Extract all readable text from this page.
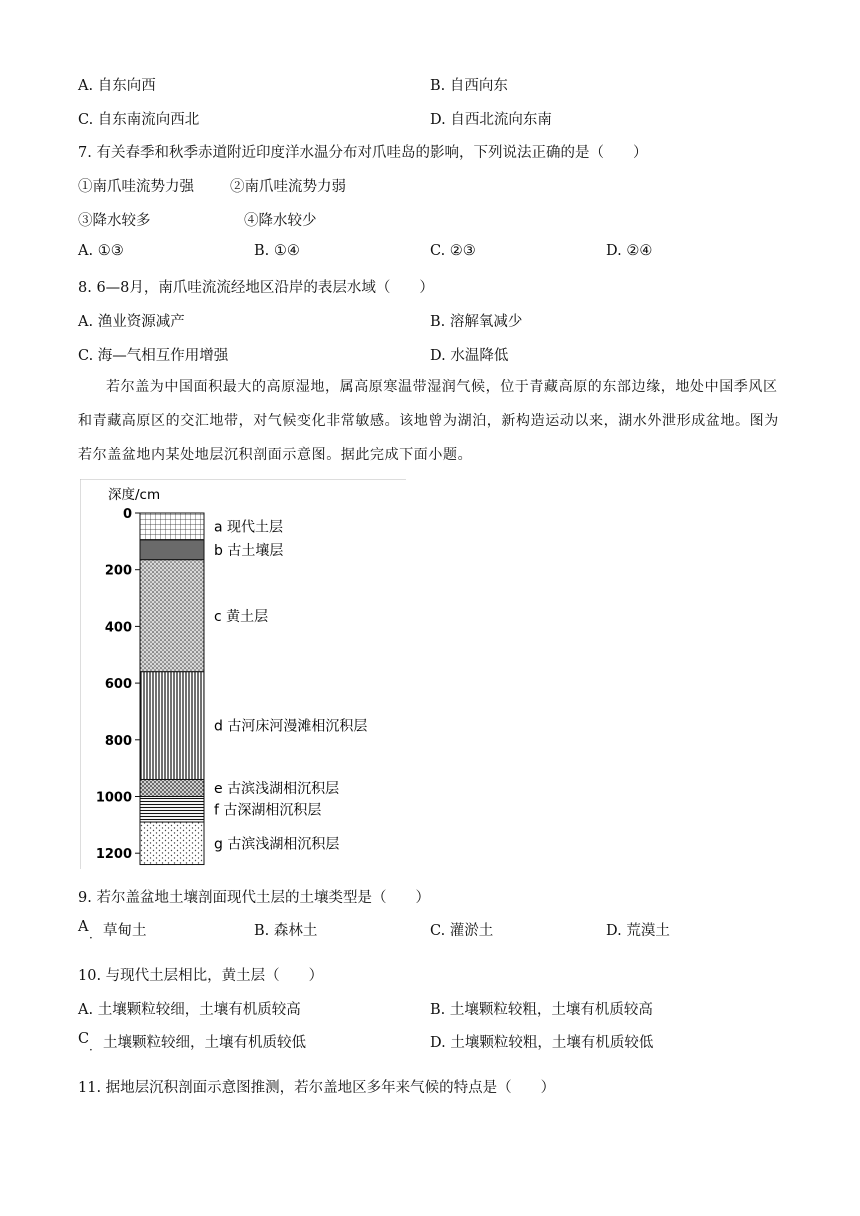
A. 自东向西	B. 自西向东
C. 自东南流向西北	D. 自西北流向东南
7. 有关春季和秋季赤道附近印度洋水温分布对爪哇岛的影响，下列说法正确的是（　　）
①南爪哇流势力强 ②南爪哇流势力弱
③降水较多	④降水较少
A. ①③	B. ①④	C. ②③	D. ②④
8. 6—8月，南爪哇流流经地区沿岸的表层水域（　　）
A. 渔业资源减产	B. 溶解氧减少
C. 海—气相互作用增强	D. 水温降低
若尔盖为中国面积最大的高原湿地，属高原寒温带湿润气候，位于青藏高原的东部边缘，地处中国季风区和青藏高原区的交汇地带，对气候变化非常敏感。该地曾为湖泊，新构造运动以来，湖水外泄形成盆地。图为若尔盖盆地内某处地层沉积剖面示意图。据此完成下面小题。
深度/cm
0
200
400
600
800
1000
1200
a 现代土层
b 古土壤层
c 黄土层
d 古河床河漫滩相沉积层
e 古滨浅湖相沉积层
f 古深湖相沉积层
g 古滨浅湖相沉积层
9. 若尔盖盆地土壤剖面现代土层的土壤类型是（　　）
A
· 草甸土	B. 森林土	C. 灌淤土	D. 荒漠土
10. 与现代土层相比，黄土层（　　）
A. 土壤颗粒较细，土壤有机质较高	B. 土壤颗粒较粗，土壤有机质较高
C
· 土壤颗粒较细，土壤有机质较低	D. 土壤颗粒较粗，土壤有机质较低
11. 据地层沉积剖面示意图推测，若尔盖地区多年来气候的特点是（　　）
